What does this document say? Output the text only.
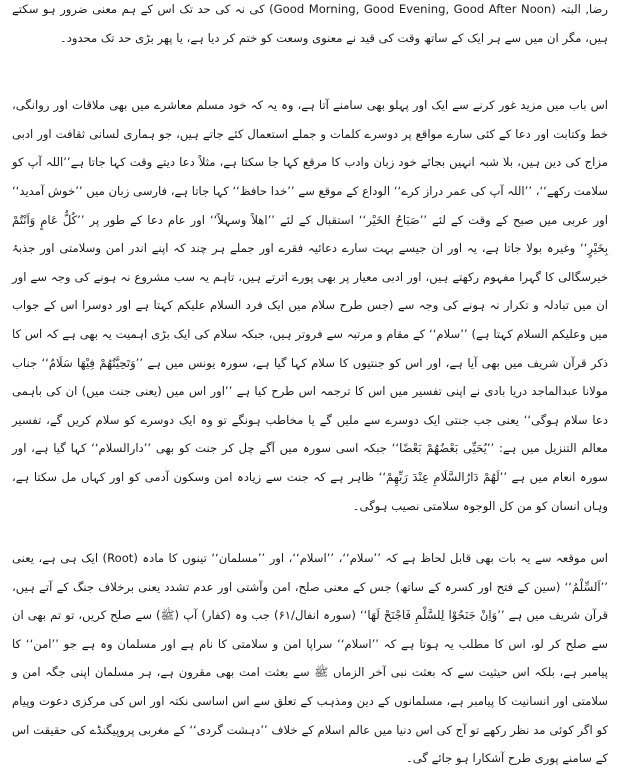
رضا, البتہ (Good Morning, Good Evening, Good After Noon) کی نہ کی حد تک اس کے ہم معنی ضرور ہو سکتے ہیں، مگر ان میں سے ہر ایک کے ساتھ وقت کی قید نے معنوی وسعت کو ختم کر دیا ہے، یا پھر بڑی حد تک محدود۔

اس باب میں مزید غور کرنے سے ایک اور پہلو بھی سامنے آتا ہے، وہ یہ کہ خود مسلم معاشرے میں بھی ملاقات اور روانگی، خط وکتابت اور دعا کے کئی سارے مواقع پر دوسرے کلمات و جملے استعمال کئے جاتے ہیں، جو ہماری لسانی ثقافت اور ادبی مزاج کی دین ہیں، بلا شبہ انہیں بجائے خود زبان وادب کا مرقع کہا جا سکتا ہے، مثلاً دعا دیتے وقت کہا جاتا ہے’’اللہ آپ کو سلامت رکھے‘‘، ’’اللہ آپ کی عمر دراز کرے‘‘ الوداع کے موقع سے ’’خدا حافظ‘‘ کہا جاتا ہے، فارسی زبان میں ’’خوش آمدید‘‘ اور عربی میں صبح کے وقت کے لئے ’’صَبَاحُ الخَیْر‘‘ استقبال کے لئے ’’اھلاً وسہلاً‘‘ اور عام دعا کے طور پر ’’کُلُّ عَامٍ وَاَنْتُمْ بِخَیْرٍ‘‘ وغیرہ بولا جاتا ہے، یہ اور ان جیسے بہت سارے دعائیہ فقرے اور جملے ہر چند کہ اپنے اندر امن وسلامتی اور جذبۂ خیرسگالی کا گہرا مفہوم رکھتے ہیں، اور ادبی معیار پر بھی پورے اترتے ہیں، تاہم یہ سب مشروع نہ ہونے کی وجہ سے اور ان میں تبادلہ و تکرار نہ ہونے کی وجہ سے (جس طرح سلام میں ایک فرد السلام علیکم کہتا ہے اور دوسرا اس کے جواب میں وعلیکم السلام کہتا ہے) ’’سلام‘‘ کے مقام و مرتبہ سے فروتر ہیں، جبکہ سلام کی ایک بڑی اہمیت یہ بھی ہے کہ اس کا ذکر قرآن شریف میں بھی آیا ہے، اور اس کو جنتیوں کا سلام کہا گیا ہے، سورہ یونس میں ہے ’’وَتَحِیَّتُھُمْ فِیْھَا سَلَامٌ‘‘ جناب مولانا عبدالماجد دریا بادی نے اپنی تفسیر میں اس کا ترجمہ اس طرح کیا ہے ’’اور اس میں (یعنی جنت میں) ان کی باہمی دعا سلام ہوگی‘‘ یعنی جب جنتی ایک دوسرے سے ملیں گے یا مخاطب ہونگے تو وہ ایک دوسرے کو سلام کریں گے، تفسیر معالم التنزیل میں ہے: ’’یُحَیِّی بَعْضُھُمْ بَعْضًا‘‘ جبکہ اسی سورہ میں آگے چل کر جنت کو بھی ’’دارالسلام‘‘ کہا گیا ہے، اور سورہ انعام میں ہے ’’لَھُمْ دَارُالسَّلَامِ عِنْدَ رَبِّھِمْ‘‘ ظاہر ہے کہ جنت سے زیادہ امن وسکون آدمی کو اور کہاں مل سکتا ہے، وہاں انسان کو من کل الوجوہ سلامتی نصیب ہوگی۔

اس موقعہ سے یہ بات بھی قابل لحاظ ہے کہ ’’سلام‘‘، ’’اسلام‘‘، اور ’’مسلمان‘‘ تینوں کا مادہ (Root) ایک ہی ہے، یعنی ’’اَلسِّلْمُ‘‘ (سین کے فتح اور کسرہ کے ساتھ) جس کے معنی صلح، امن وآشتی اور عدم تشدد یعنی برخلاف جنگ کے آتے ہیں، قرآن شریف میں ہے ’’وَاِنْ جَنَحُوْا لِلسَّلْمِ فَاجْنَحْ لَھَا‘‘ (سورہ انفال/۶۱) جب وہ (کفار) آپ (ﷺ) سے صلح کریں، تو تم بھی ان سے صلح کر لو، اس کا مطلب یہ ہوتا ہے کہ ’’اسلام‘‘ سراپا امن و سلامتی کا نام ہے اور مسلمان وہ ہے جو ’’امن‘‘ کا پیامبر ہے، بلکہ اس حیثیت سے کہ بعثت نبی آخر الزماں ﷺ سے بعثت امت بھی مقرون ہے، ہر مسلمان اپنی جگہ امن و سلامتی اور انسانیت کا پیامبر ہے، مسلمانوں کے دین ومذہب کے تعلق سے اس اساسی نکتہ اور اس کی مرکزی دعوت وپیام کو اگر کوئی مد نظر رکھے تو آج کی اس دنیا میں عالم اسلام کے خلاف ’’دہشت گردی‘‘ کے مغربی پروپیگنڈے کی حقیقت اس کے سامنے پوری طرح آشکارا ہو جائے گی۔
